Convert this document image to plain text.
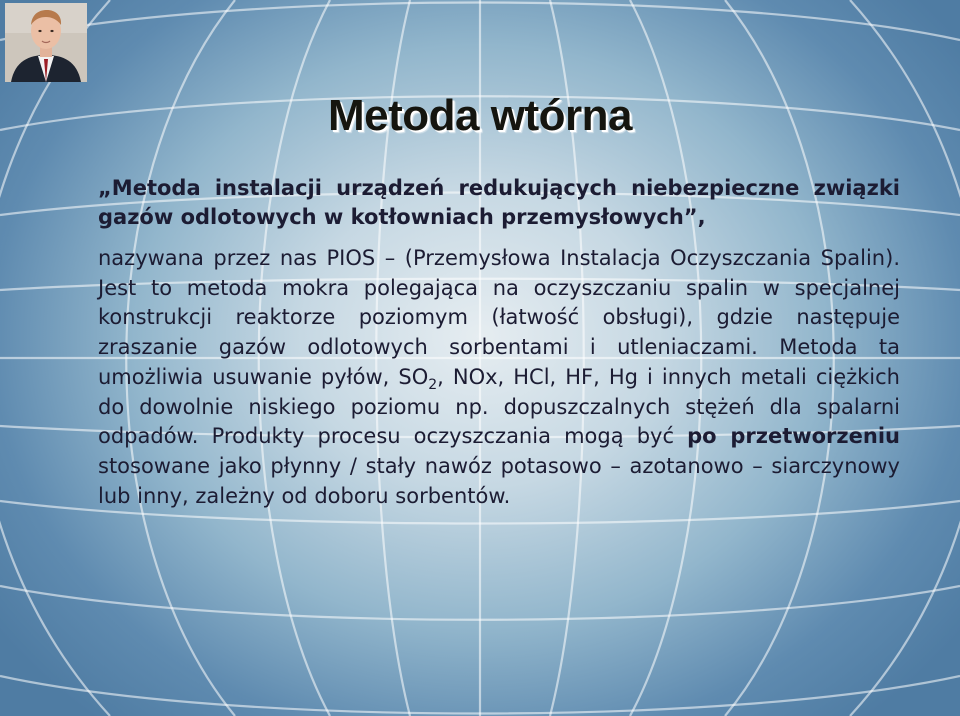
Metoda wtórna

„Metoda instalacji urządzeń redukujących niebezpieczne związki gazów odlotowych w kotłowniach przemysłowych”,

nazywana przez nas PIOS – (Przemysłowa Instalacja Oczyszczania Spalin). Jest to metoda mokra polegająca na oczyszczaniu spalin w specjalnej konstrukcji reaktorze poziomym (łatwość obsługi), gdzie następuje zraszanie gazów odlotowych sorbentami i utleniaczami. Metoda ta umożliwia usuwanie pyłów, $SO_2$, NOx, HCl, HF, Hg i innych metali ciężkich do dowolnie niskiego poziomu np. dopuszczalnych stężeń dla spalarni odpadów. Produkty procesu oczyszczania mogą być po przetworzeniu stosowane jako płynny / stały nawóz potasowo – azotanowo – siarczynowy lub inny, zależny od doboru sorbentów.
